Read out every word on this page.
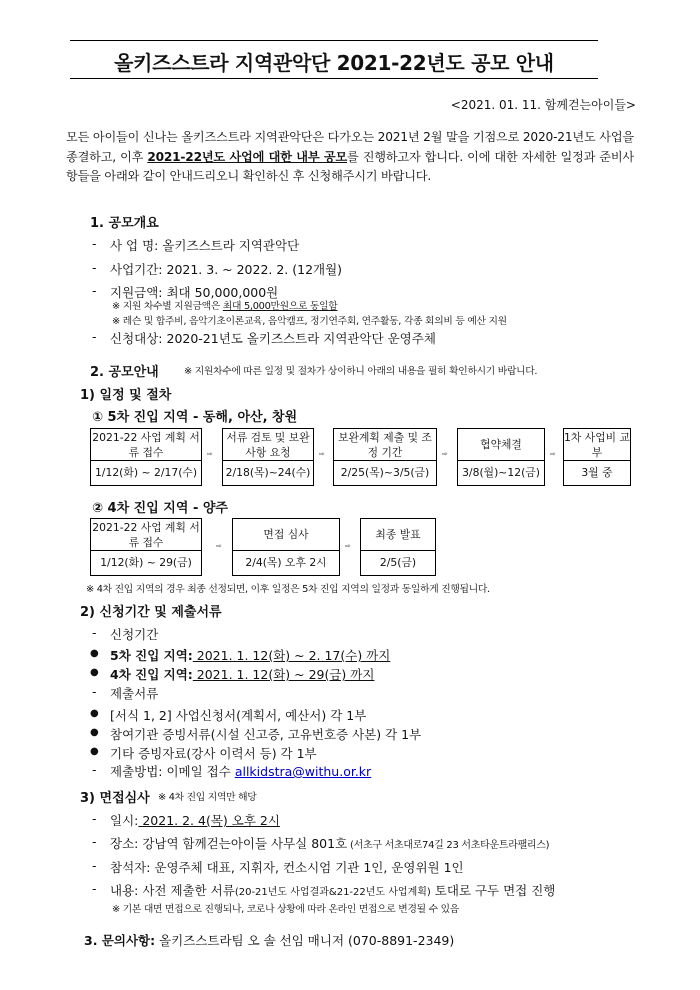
올키즈스트라 지역관악단 2021-22년도 공모 안내
<2021. 01. 11. 함께걷는아이들>
모든 아이들이 신나는 올키즈스트라 지역관악단은 다가오는 2021년 2월 말을 기점으로 2020-21년도 사업을 종결하고, 이후 2021-22년도 사업에 대한 내부 공모를 진행하고자 합니다. 이에 대한 자세한 일정과 준비사항들을 아래와 같이 안내드리오니 확인하신 후 신청해주시기 바랍니다.
1. 공모개요
- 사 업 명: 올키즈스트라 지역관악단
- 사업기간: 2021. 3. ~ 2022. 2. (12개월)
- 지원금액: 최대 50,000,000원
※ 지원 차수별 지원금액은 최대 5,000만원으로 동일함
※ 레슨 및 합주비, 음악기초이론교육, 음악캠프, 정기연주회, 연주활동, 각종 회의비 등 예산 지원
- 신청대상: 2020-21년도 올키즈스트라 지역관악단 운영주체
2. 공모안내	※ 지원차수에 따른 일정 및 절차가 상이하니 아래의 내용을 필히 확인하시기 바랍니다.
1) 일정 및 절차
① 5차 진입 지역 - 동해, 아산, 창원
2021-22 사업 계획 서류 접수
1/12(화) ~ 2/17(수)
⇨
서류 검토 및 보완사항 요청
2/18(목)~24(수)
⇨
보완계획 제출 및 조정 기간
2/25(목)~3/5(금)
⇨
협약체결
3/8(월)~12(금)
⇨
1차 사업비 교부
3월 중
② 4차 진입 지역 - 양주
2021-22 사업 계획 서류 접수
1/12(화) ~ 29(금)
⇨
면접 심사
2/4(목) 오후 2시
⇨
최종 발표
2/5(금)
※ 4차 진입 지역의 경우 최종 선정되면, 이후 일정은 5차 진입 지역의 일정과 동일하게 진행됩니다.
2) 신청기간 및 제출서류
- 신청기간
● 5차 진입 지역: 2021. 1. 12(화) ~ 2. 17(수) 까지
● 4차 진입 지역: 2021. 1. 12(화) ~ 29(금) 까지
- 제출서류
● [서식 1, 2] 사업신청서(계획서, 예산서) 각 1부
● 참여기관 증빙서류(시설 신고증, 고유번호증 사본) 각 1부
● 기타 증빙자료(강사 이력서 등) 각 1부
- 제출방법: 이메일 접수 allkidstra@withu.or.kr
3) 면접심사 ※ 4차 진입 지역만 해당
- 일시: 2021. 2. 4(목) 오후 2시
- 장소: 강남역 함께걷는아이들 사무실 801호 (서초구 서초대로74길 23 서초타운트라팰리스)
- 참석자: 운영주체 대표, 지휘자, 컨소시엄 기관 1인, 운영위원 1인
- 내용: 사전 제출한 서류(20-21년도 사업결과&21-22년도 사업계획) 토대로 구두 면접 진행
※ 기본 대면 면접으로 진행되나, 코로나 상황에 따라 온라인 면접으로 변경될 수 있음
3. 문의사항: 올키즈스트라팀 오 솔 선임 매니저 (070-8891-2349)
